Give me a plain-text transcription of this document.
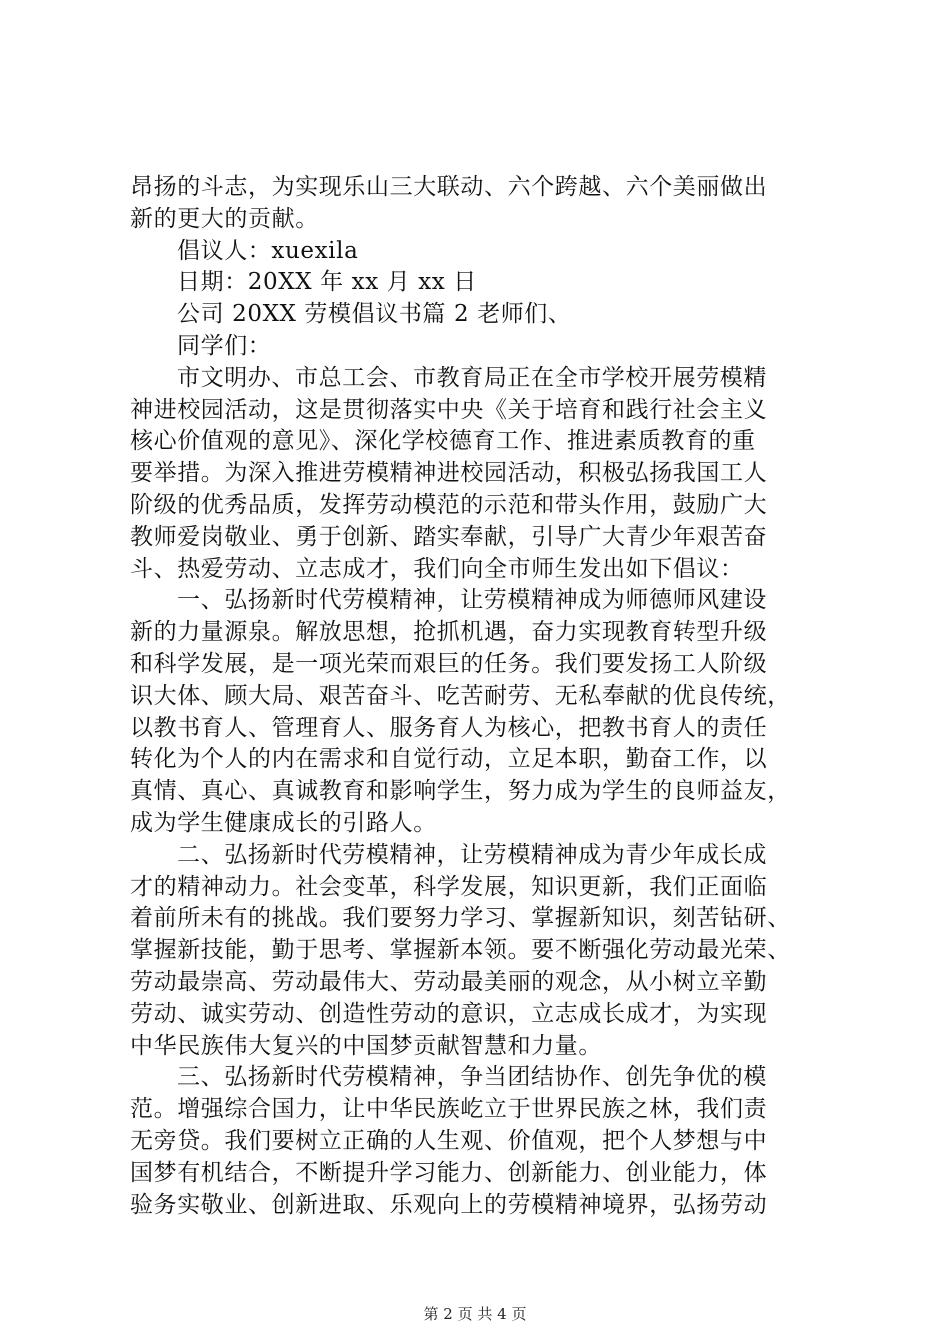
昂扬的斗志，为实现乐山三大联动、六个跨越、六个美丽做出
新的更大的贡献。
倡议人：xuexila
日期：20XX 年 xx 月 xx 日
公司 20XX 劳模倡议书篇 2 老师们、
同学们：
市文明办、市总工会、市教育局正在全市学校开展劳模精
神进校园活动，这是贯彻落实中央《关于培育和践行社会主义
核心价值观的意见》、深化学校德育工作、推进素质教育的重
要举措。为深入推进劳模精神进校园活动，积极弘扬我国工人
阶级的优秀品质，发挥劳动模范的示范和带头作用，鼓励广大
教师爱岗敬业、勇于创新、踏实奉献，引导广大青少年艰苦奋
斗、热爱劳动、立志成才，我们向全市师生发出如下倡议：
一、弘扬新时代劳模精神，让劳模精神成为师德师风建设
新的力量源泉。解放思想，抢抓机遇，奋力实现教育转型升级
和科学发展，是一项光荣而艰巨的任务。我们要发扬工人阶级
识大体、顾大局、艰苦奋斗、吃苦耐劳、无私奉献的优良传统，
以教书育人、管理育人、服务育人为核心，把教书育人的责任
转化为个人的内在需求和自觉行动，立足本职，勤奋工作，以
真情、真心、真诚教育和影响学生，努力成为学生的良师益友，
成为学生健康成长的引路人。
二、弘扬新时代劳模精神，让劳模精神成为青少年成长成
才的精神动力。社会变革，科学发展，知识更新，我们正面临
着前所未有的挑战。我们要努力学习、掌握新知识，刻苦钻研、
掌握新技能，勤于思考、掌握新本领。要不断强化劳动最光荣、
劳动最崇高、劳动最伟大、劳动最美丽的观念，从小树立辛勤
劳动、诚实劳动、创造性劳动的意识，立志成长成才，为实现
中华民族伟大复兴的中国梦贡献智慧和力量。
三、弘扬新时代劳模精神，争当团结协作、创先争优的模
范。增强综合国力，让中华民族屹立于世界民族之林，我们责
无旁贷。我们要树立正确的人生观、价值观，把个人梦想与中
国梦有机结合，不断提升学习能力、创新能力、创业能力，体
验务实敬业、创新进取、乐观向上的劳模精神境界，弘扬劳动
第 2 页 共 4 页
